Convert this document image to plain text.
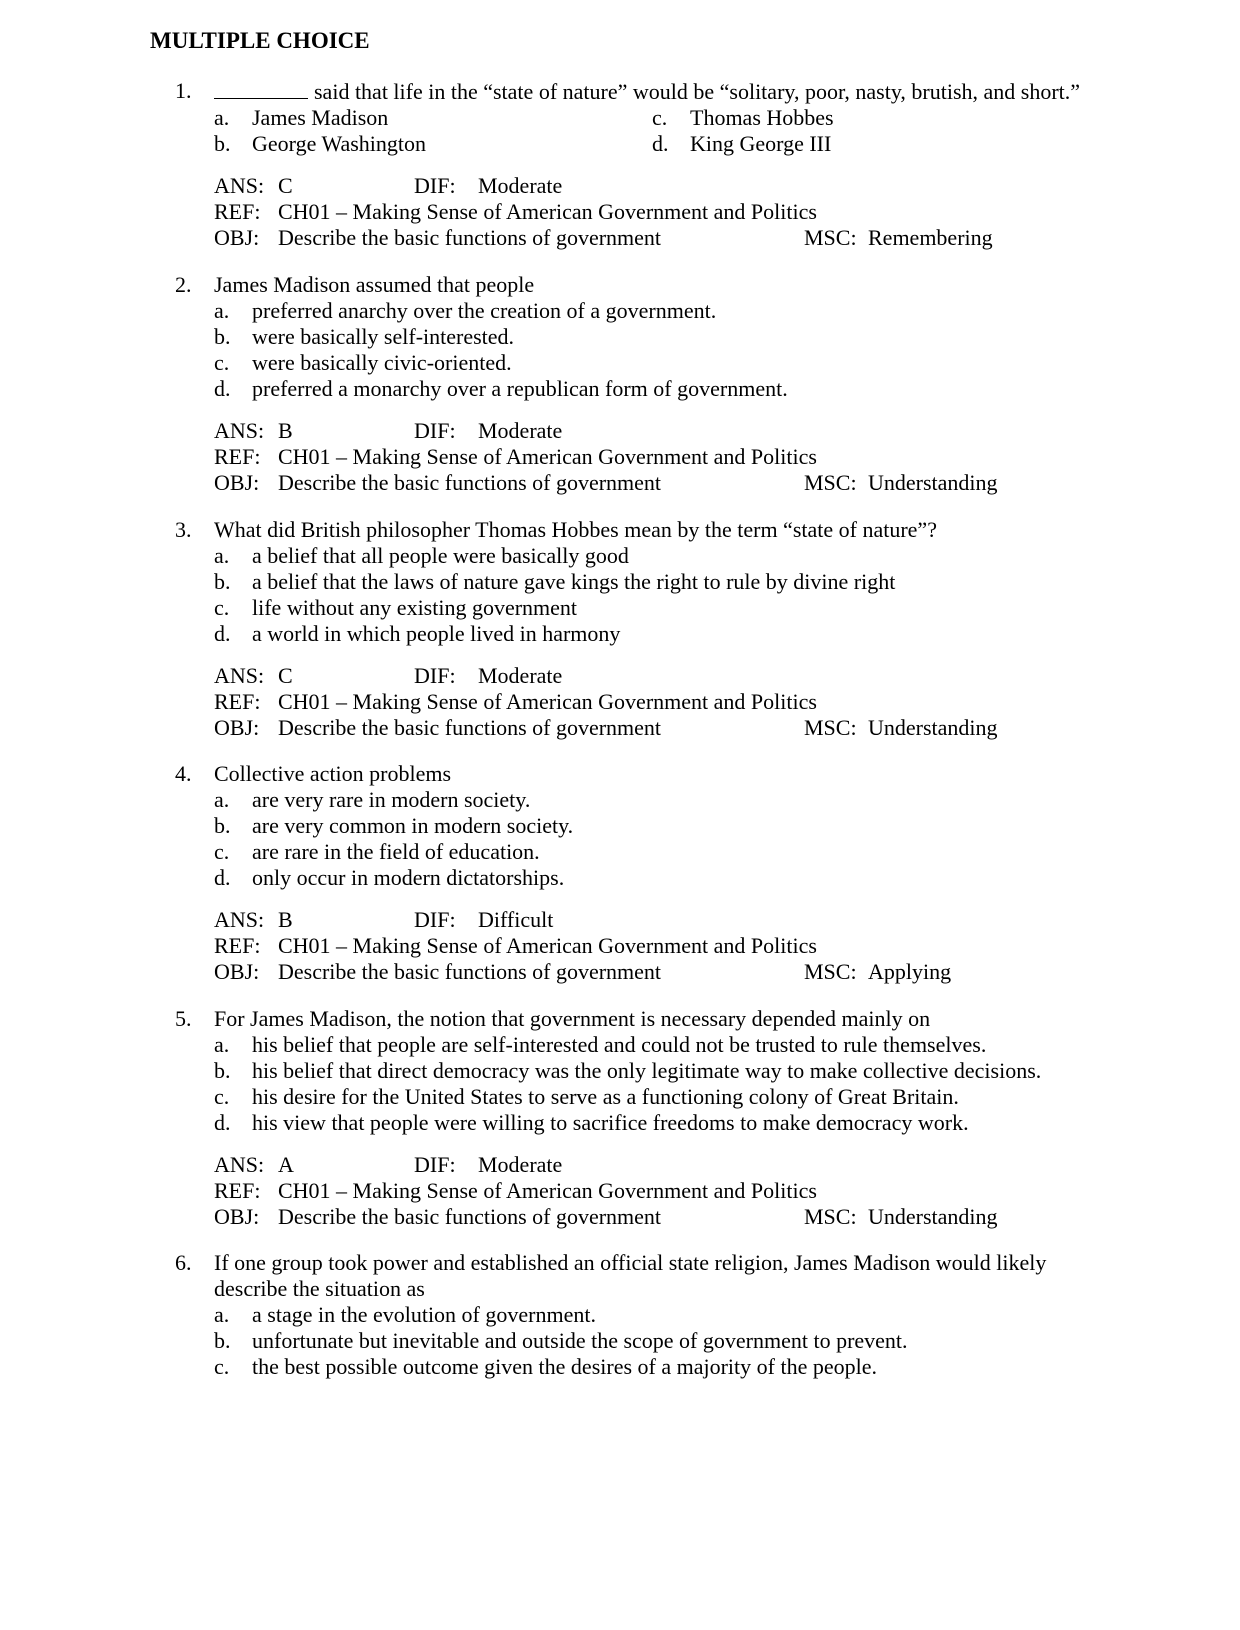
MULTIPLE CHOICE
1.	said that life in the “state of nature” would be “solitary, poor, nasty, brutish, and short.”
a. James Madison	c. Thomas Hobbes
b. George Washington	d. King George III
ANS: C	DIF: Moderate
REF: CH01 – Making Sense of American Government and Politics
OBJ: Describe the basic functions of government	MSC: Remembering
2. James Madison assumed that people
a. preferred anarchy over the creation of a government.
b. were basically self-interested.
c. were basically civic-oriented.
d. preferred a monarchy over a republican form of government.
ANS: B	DIF: Moderate
REF: CH01 – Making Sense of American Government and Politics
OBJ: Describe the basic functions of government	MSC: Understanding
3. What did British philosopher Thomas Hobbes mean by the term “state of nature”?
a. a belief that all people were basically good
b. a belief that the laws of nature gave kings the right to rule by divine right
c. life without any existing government
d. a world in which people lived in harmony
ANS: C	DIF: Moderate
REF: CH01 – Making Sense of American Government and Politics
OBJ: Describe the basic functions of government	MSC: Understanding
4. Collective action problems
a. are very rare in modern society.
b. are very common in modern society.
c. are rare in the field of education.
d. only occur in modern dictatorships.
ANS: B	DIF: Difficult
REF: CH01 – Making Sense of American Government and Politics
OBJ: Describe the basic functions of government	MSC: Applying
5. For James Madison, the notion that government is necessary depended mainly on
a. his belief that people are self-interested and could not be trusted to rule themselves.
b. his belief that direct democracy was the only legitimate way to make collective decisions.
c. his desire for the United States to serve as a functioning colony of Great Britain.
d. his view that people were willing to sacrifice freedoms to make democracy work.
ANS: A	DIF: Moderate
REF: CH01 – Making Sense of American Government and Politics
OBJ: Describe the basic functions of government	MSC: Understanding
6. If one group took power and established an official state religion, James Madison would likely
describe the situation as
a. a stage in the evolution of government.
b. unfortunate but inevitable and outside the scope of government to prevent.
c. the best possible outcome given the desires of a majority of the people.
